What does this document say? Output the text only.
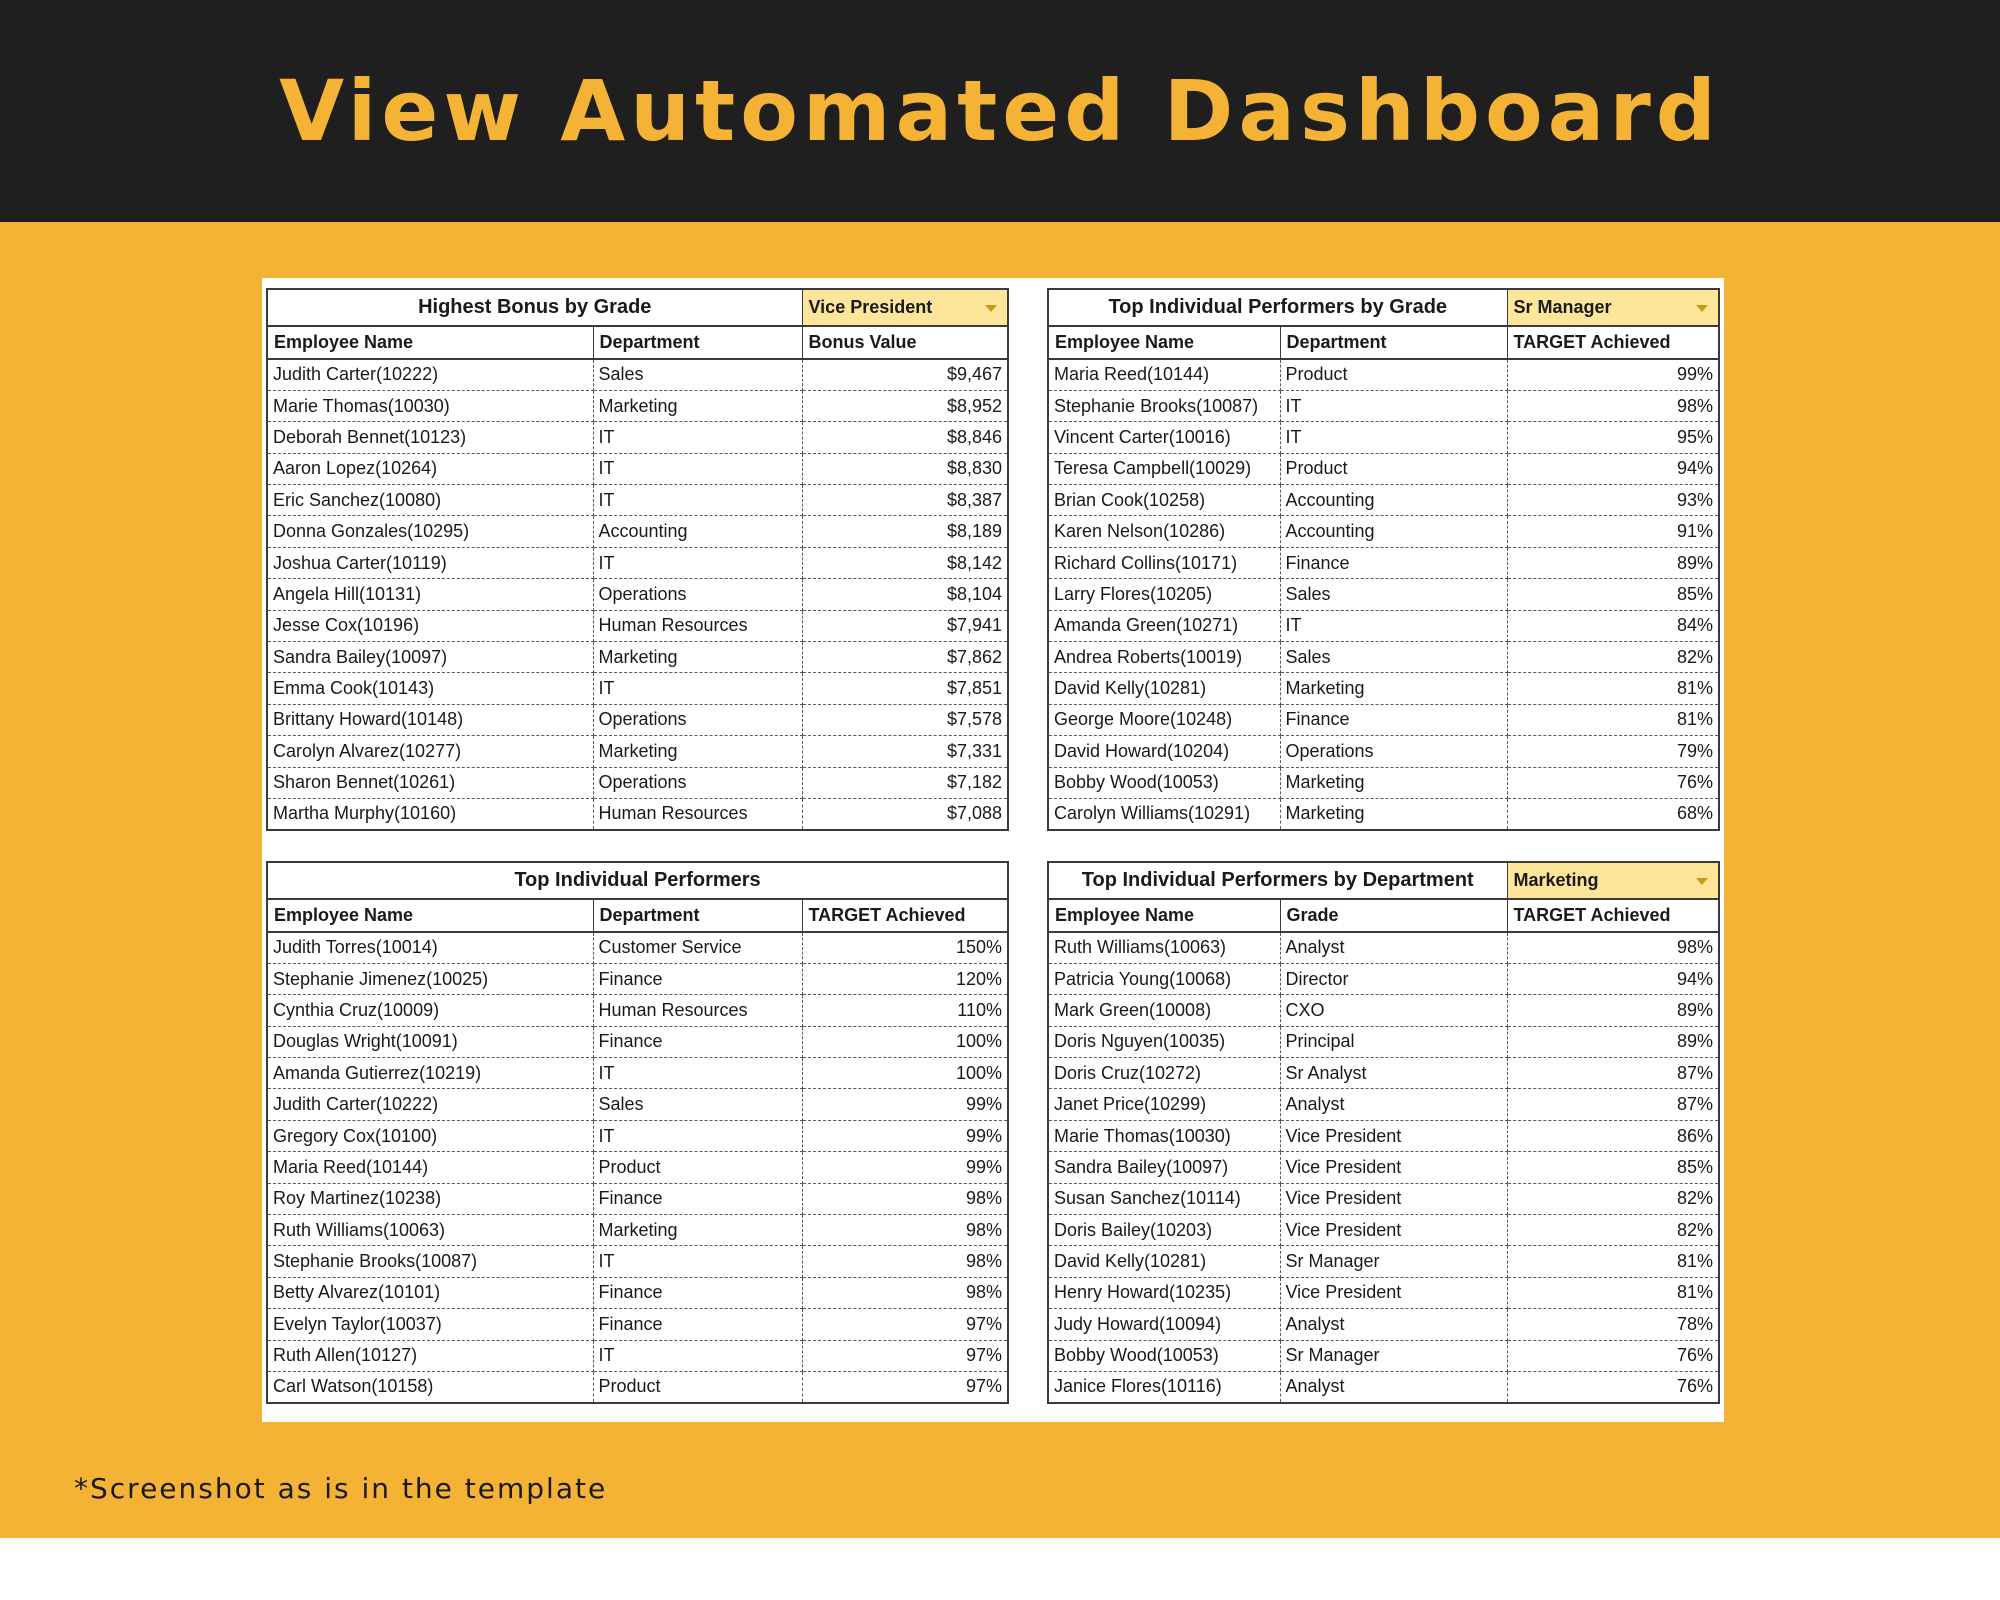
View Automated Dashboard
Highest Bonus by Grade		Vice President

Employee Name	Department	Bonus Value
Judith Carter(10222)	Sales	$9,467
Marie Thomas(10030)	Marketing	$8,952
Deborah Bennet(10123)	IT	$8,846
Aaron Lopez(10264)	IT	$8,830
Eric Sanchez(10080)	IT	$8,387
Donna Gonzales(10295)	Accounting	$8,189
Joshua Carter(10119)	IT	$8,142
Angela Hill(10131)	Operations	$8,104
Jesse Cox(10196)	Human Resources	$7,941
Sandra Bailey(10097)	Marketing	$7,862
Emma Cook(10143)	IT	$7,851
Brittany Howard(10148)	Operations	$7,578
Carolyn Alvarez(10277)	Marketing	$7,331
Sharon Bennet(10261)	Operations	$7,182
Martha Murphy(10160)	Human Resources	$7,088
Top Individual Performers by Grade		Sr Manager

Employee Name	Department	TARGET Achieved
Maria Reed(10144)	Product	99%
Stephanie Brooks(10087)	IT	98%
Vincent Carter(10016)	IT	95%
Teresa Campbell(10029)	Product	94%
Brian Cook(10258)	Accounting	93%
Karen Nelson(10286)	Accounting	91%
Richard Collins(10171)	Finance	89%
Larry Flores(10205)	Sales	85%
Amanda Green(10271)	IT	84%
Andrea Roberts(10019)	Sales	82%
David Kelly(10281)	Marketing	81%
George Moore(10248)	Finance	81%
David Howard(10204)	Operations	79%
Bobby Wood(10053)	Marketing	76%
Carolyn Williams(10291)	Marketing	68%
Top Individual Performers		
Employee Name	Department	TARGET Achieved
Judith Torres(10014)	Customer Service	150%
Stephanie Jimenez(10025)	Finance	120%
Cynthia Cruz(10009)	Human Resources	110%
Douglas Wright(10091)	Finance	100%
Amanda Gutierrez(10219)	IT	100%
Judith Carter(10222)	Sales	99%
Gregory Cox(10100)	IT	99%
Maria Reed(10144)	Product	99%
Roy Martinez(10238)	Finance	98%
Ruth Williams(10063)	Marketing	98%
Stephanie Brooks(10087)	IT	98%
Betty Alvarez(10101)	Finance	98%
Evelyn Taylor(10037)	Finance	97%
Ruth Allen(10127)	IT	97%
Carl Watson(10158)	Product	97%
Top Individual Performers by Department		Marketing

Employee Name	Grade	TARGET Achieved
Ruth Williams(10063)	Analyst	98%
Patricia Young(10068)	Director	94%
Mark Green(10008)	CXO	89%
Doris Nguyen(10035)	Principal	89%
Doris Cruz(10272)	Sr Analyst	87%
Janet Price(10299)	Analyst	87%
Marie Thomas(10030)	Vice President	86%
Sandra Bailey(10097)	Vice President	85%
Susan Sanchez(10114)	Vice President	82%
Doris Bailey(10203)	Vice President	82%
David Kelly(10281)	Sr Manager	81%
Henry Howard(10235)	Vice President	81%
Judy Howard(10094)	Analyst	78%
Bobby Wood(10053)	Sr Manager	76%
Janice Flores(10116)	Analyst	76%
*Screenshot as is in the template
